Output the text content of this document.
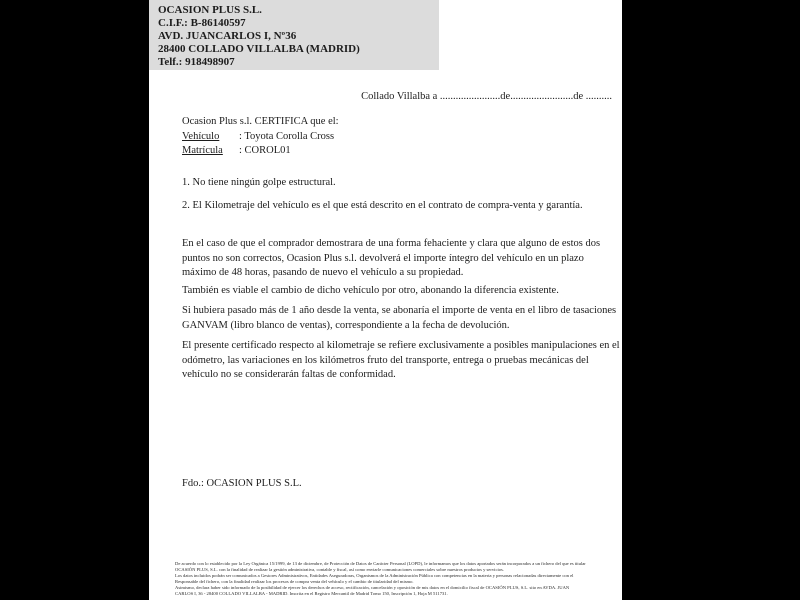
OCASION PLUS S.L.
C.I.F.: B-86140597
AVD. JUANCARLOS I, Nº36
28400 COLLADO VILLALBA (MADRID)
Telf.: 918498907
Collado Villalba a .......................de........................de ..........
Ocasion Plus s.l. CERTIFICA que el:
Vehículo : Toyota Corolla Cross
Matrícula : COROL01
1. No tiene ningún golpe estructural.
2. El Kilometraje del vehículo es el que está descrito en el contrato de compra-venta y garantía.
En el caso de que el comprador demostrara de una forma fehaciente y clara que alguno de estos dos puntos no son correctos, Ocasion Plus s.l. devolverá el importe íntegro del vehículo en un plazo máximo de 48 horas, pasando de nuevo el vehículo a su propiedad.
También es viable el cambio de dicho vehículo por otro, abonando la diferencia existente.
Si hubiera pasado más de 1 año desde la venta, se abonaría el importe de venta en el libro de tasaciones GANVAM (libro blanco de ventas), correspondiente a la fecha de devolución.
El presente certificado respecto al kilometraje se refiere exclusivamente a posibles manipulaciones en el odómetro, las variaciones en los kilómetros fruto del transporte, entrega o pruebas mecánicas del vehículo no se considerarán faltas de conformidad.
Fdo.: OCASION PLUS S.L.
De acuerdo con lo establecido por la Ley Orgánica 15/1999, de 13 de diciembre, de Protección de Datos de Carácter Personal (LOPD), le informamos que los datos aportados serán incorporados a un fichero del que es titular
OCASIÓN PLUS, S.L. con la finalidad de realizar la gestión administrativa, contable y fiscal, así como enviarle comunicaciones comerciales sobre nuestros productos y servicios.
Los datos incluidos podrán ser comunicados a Gestores Administrativos, Entidades Aseguradoras, Organismos de la Administración Pública con competencias en la materia y personas relacionadas directamente con el
Responsable del fichero, con la finalidad realizar los procesos de compra venta del vehículo y el cambio de titularidad del mismo.
Asimismo, declara haber sido informado de la posibilidad de ejercer los derechos de acceso, rectificación, cancelación y oposición de mis datos en el domicilio fiscal de OCASIÓN PLUS, S.L. sito en AVDA. JUAN
CARLOS I, 36 - 28400 COLLADO VILLALBA - MADRID. Inscrita en el Registro Mercantil de Madrid Tomo 150, Inscripción 1, Hoja M 511731.
